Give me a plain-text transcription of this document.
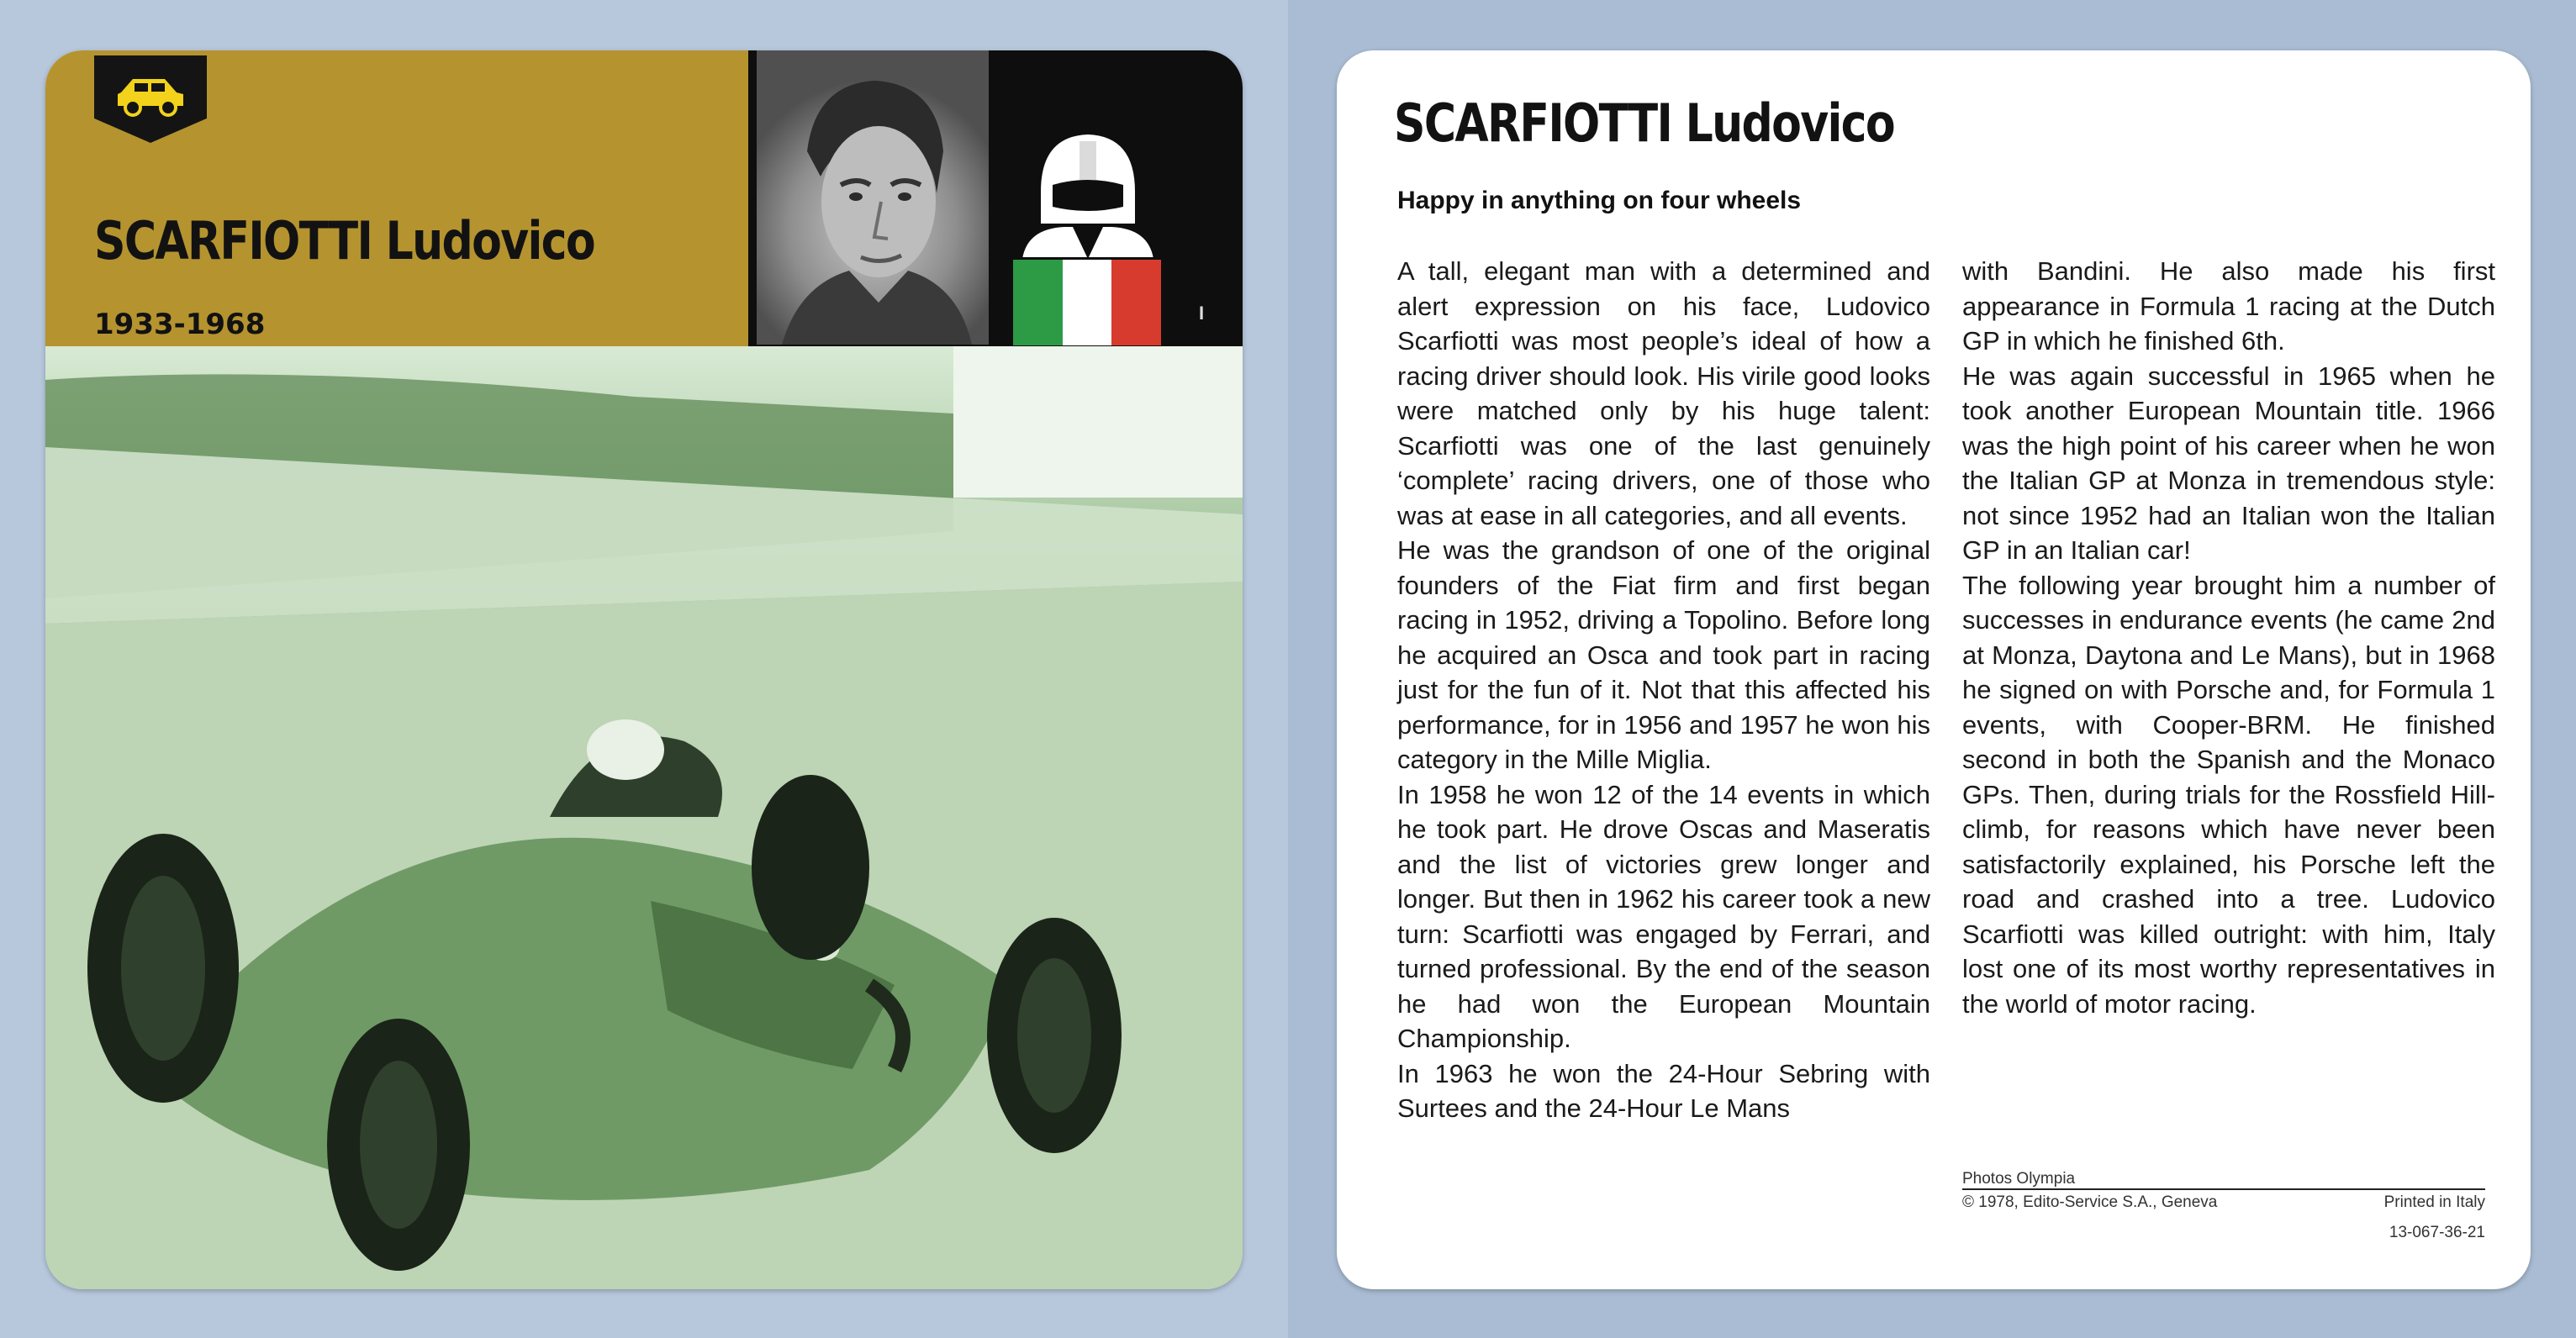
SCARFIOTTI Ludovico
1933-1968	I
SCARFIOTTI Ludovico
Happy in anything on four wheels

A tall, elegant man with a determined and alert expression on his face, Ludovico Scarfiotti was most people’s ideal of how a racing driver should look. His virile good looks were matched only by his huge talent: Scarfiotti was one of the last genuinely ‘complete’ racing drivers, one of those who was at ease in all categories, and all events.

He was the grandson of one of the original founders of the Fiat firm and first began racing in 1952, driving a Topolino. Before long he acquired an Osca and took part in racing just for the fun of it. Not that this affected his performance, for in 1956 and 1957 he won his category in the Mille Miglia.

In 1958 he won 12 of the 14 events in which he took part. He drove Oscas and Maseratis and the list of victories grew longer and longer. But then in 1962 his career took a new turn: Scarfiotti was engaged by Ferrari, and turned professional. By the end of the season he had won the European Mountain Championship.

In 1963 he won the 24-Hour Sebring with Surtees and the 24-Hour Le Mans

with Bandini. He also made his first appearance in Formula 1 racing at the Dutch GP in which he finished 6th.

He was again successful in 1965 when he took another European Mountain title. 1966 was the high point of his career when he won the Italian GP at Monza in tremendous style: not since 1952 had an Italian won the Italian GP in an Italian car!

The following year brought him a number of successes in endurance events (he came 2nd at Monza, Daytona and Le Mans), but in 1968 he signed on with Porsche and, for Formula 1 events, with Cooper-BRM. He finished second in both the Spanish and the Monaco GPs. Then, during trials for the Rossfield Hill-climb, for reasons which have never been satisfactorily explained, his Porsche left the road and crashed into a tree. Ludovico Scarfiotti was killed outright: with him, Italy lost one of its most worthy representatives in the world of motor racing.

Photos Olympia
© 1978, Edito-Service S.A., Geneva	Printed in Italy
13-067-36-21
